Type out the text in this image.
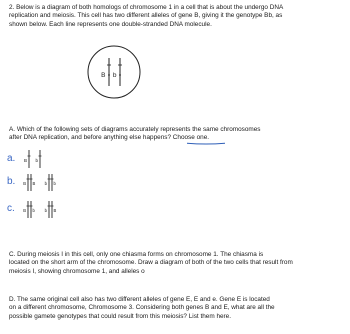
2. Below is a diagram of both homologs of chromosome 1 in a cell that is about the undergo DNA
replication and meiosis. This cell has two different alleles of gene B, giving it the genotype Bb, as
shown below. Each line represents one double-stranded DNA molecule.
B b
A. Which of the following sets of diagrams accurately represents the same chromosomes
after DNA replication, and before anything else happens? Choose one.
a. B b
b. B B b b
c. B b b B
C. During meiosis I in this cell, only one chiasma forms on chromosome 1. The chiasma is
located on the short arm of the chromosome. Draw a diagram of both of the two cells that result from
meiosis I, showing chromosome 1, and alleles o
D. The same original cell also has two different alleles of gene E, E and e. Gene E is located
on a different chromosome, Chromosome 3. Considering both genes B and E, what are all the
possible gamete genotypes that could result from this meiosis? List them here.
